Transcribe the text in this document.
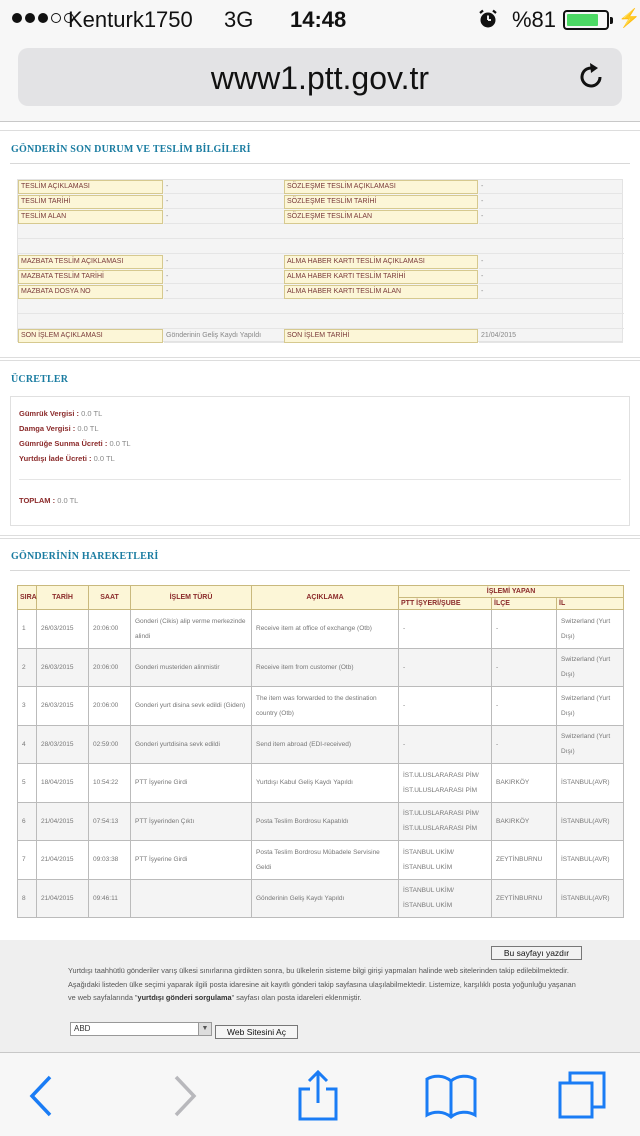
Kenturk1750 3G 14:48	%81	⚡
www1.ptt.gov.tr
GÖNDERİN SON DURUM VE TESLİM BİLGİLERİ
TESLİM AÇIKLAMASI	-	SÖZLEŞME TESLİM AÇIKLAMASI	-
TESLİM TARİHİ	-	SÖZLEŞME TESLİM TARİHİ	-
TESLİM ALAN	-	SÖZLEŞME TESLİM ALAN	-
MAZBATA TESLİM AÇIKLAMASI	-	ALMA HABER KARTI TESLİM AÇIKLAMASI	-
MAZBATA TESLİM TARİHİ	-	ALMA HABER KARTI TESLİM TARİHİ	-
MAZBATA DOSYA NO	-	ALMA HABER KARTI TESLİM ALAN	-
SON İŞLEM AÇIKLAMASI	Gönderinin Geliş Kaydı Yapıldı	SON İŞLEM TARİHİ	21/04/2015
ÜCRETLER
Gümrük Vergisi : 0.0 TL
Damga Vergisi : 0.0 TL
Gümrüğe Sunma Ücreti : 0.0 TL
Yurtdışı İade Ücreti : 0.0 TL
TOPLAM : 0.0 TL
GÖNDERİNİN HAREKETLERİ
SIRA	TARİH	SAAT	İŞLEM TÜRÜ	AÇIKLAMA	İŞLEMİ YAPAN		
					PTT İŞYERİ/ŞUBE	İLÇE	İL
1	26/03/2015	20:06:00	Gonderi (Cikis) alip verme merkezinde alindi	Receive item at office of exchange (Otb)	-	-	Switzerland (Yurt Dışı)
2	26/03/2015	20:06:00	Gonderi musteriden alinmistir	Receive item from customer (Otb)	-	-	Switzerland (Yurt Dışı)
3	26/03/2015	20:06:00	Gonderi yurt disina sevk edildi (Giden)	The item was forwarded to the destination country (Otb)	-	-	Switzerland (Yurt Dışı)
4	28/03/2015	02:59:00	Gonderi yurtdisina sevk edildi	Send item abroad (EDI-received)	-	-	Switzerland (Yurt Dışı)
5	18/04/2015	10:54:22	PTT İşyerine Girdi	Yurtdışı Kabul Geliş Kaydı Yapıldı	İST.ULUSLARARASI PİM/ İST.ULUSLARARASI PİM	BAKIRKÖY	İSTANBUL(AVR)
6	21/04/2015	07:54:13	PTT İşyerinden Çıktı	Posta Teslim Bordrosu Kapatıldı	İST.ULUSLARARASI PİM/ İST.ULUSLARARASI PİM	BAKIRKÖY	İSTANBUL(AVR)
7	21/04/2015	09:03:38	PTT İşyerine Girdi	Posta Teslim Bordrosu Mübadele Servisine Geldi	İSTANBUL UKİM/ İSTANBUL UKİM	ZEYTİNBURNU	İSTANBUL(AVR)
8	21/04/2015	09:46:11		Gönderinin Geliş Kaydı Yapıldı	İSTANBUL UKİM/ İSTANBUL UKİM	ZEYTİNBURNU	İSTANBUL(AVR)
Bu sayfayı yazdır
Yurtdışı taahhütlü gönderiler varış ülkesi sınırlarına girdikten sonra, bu ülkelerin sisteme bilgi girişi yapmaları halinde web sitelerinden takip edilebilmektedir. Aşağıdaki listeden ülke seçimi yaparak ilgili posta idaresine ait kayıtlı gönderi takip sayfasına ulaşılabilmektedir. Listemize, karşılıklı posta yoğunluğu yaşanan ve web sayfalarında "yurtdışı gönderi sorgulama" sayfası olan posta idareleri eklenmiştir.
ABD	▼	Web Sitesini Aç
